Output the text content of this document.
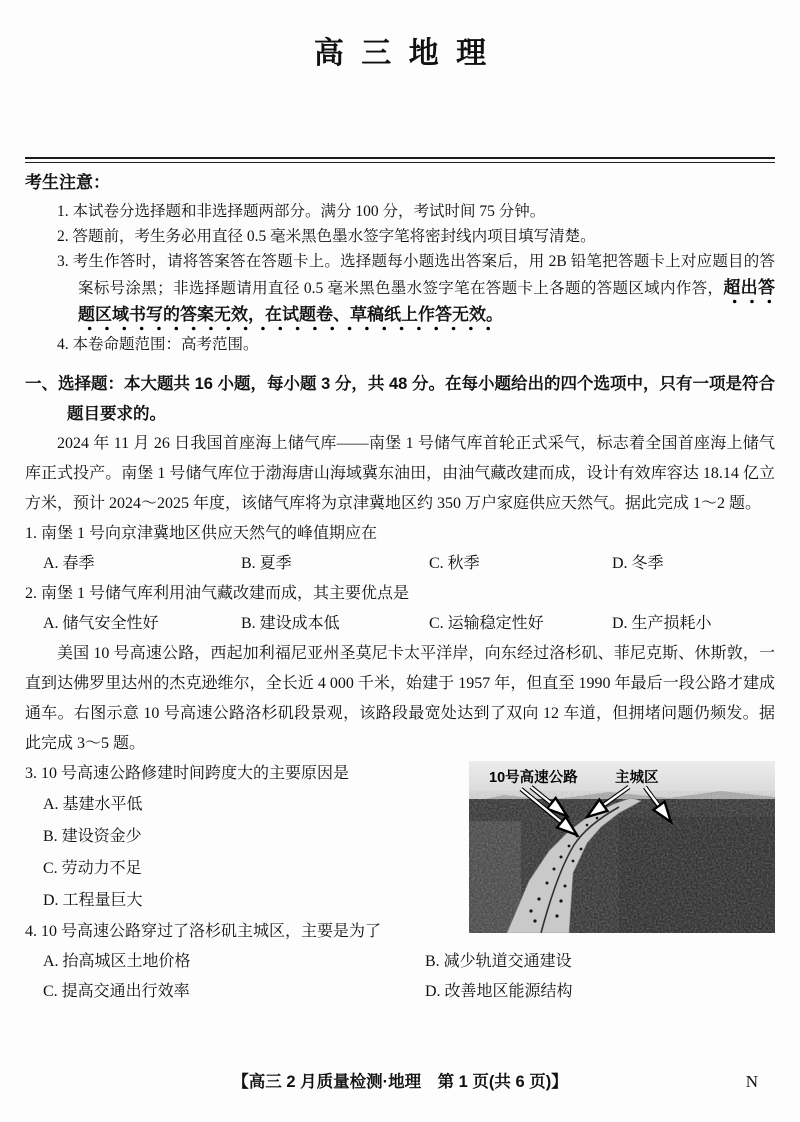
高三地理
考生注意：
1. 本试卷分选择题和非选择题两部分。满分 100 分，考试时间 75 分钟。
2. 答题前，考生务必用直径 0.5 毫米黑色墨水签字笔将密封线内项目填写清楚。
3. 考生作答时，请将答案答在答题卡上。选择题每小题选出答案后，用 2B 铅笔把答题卡上对应题目的答案标号涂黑；非选择题请用直径 0.5 毫米黑色墨水签字笔在答题卡上各题的答题区域内作答，超出答题区域书写的答案无效，在试题卷、草稿纸上作答无效。
4. 本卷命题范围：高考范围。
一、选择题：本大题共 16 小题，每小题 3 分，共 48 分。在每小题给出的四个选项中，只有一项是符合题目要求的。

2024 年 11 月 26 日我国首座海上储气库——南堡 1 号储气库首轮正式采气，标志着全国首座海上储气库正式投产。南堡 1 号储气库位于渤海唐山海域冀东油田，由油气藏改建而成，设计有效库容达 18.14 亿立方米，预计 2024～2025 年度，该储气库将为京津冀地区约 350 万户家庭供应天然气。据此完成 1～2 题。

1. 南堡 1 号向京津冀地区供应天然气的峰值期应在
A. 春季	B. 夏季	C. 秋季	D. 冬季
2. 南堡 1 号储气库利用油气藏改建而成，其主要优点是
A. 储气安全性好	B. 建设成本低	C. 运输稳定性好	D. 生产损耗小

美国 10 号高速公路，西起加利福尼亚州圣莫尼卡太平洋岸，向东经过洛杉矶、菲尼克斯、休斯敦，一直到达佛罗里达州的杰克逊维尔，全长近 4 000 千米，始建于 1957 年，但直至 1990 年最后一段公路才建成通车。右图示意 10 号高速公路洛杉矶段景观，该路段最宽处达到了双向 12 车道，但拥堵问题仍频发。据此完成 3～5 题。

10号高速公路	主城区
3. 10 号高速公路修建时间跨度大的主要原因是
A. 基建水平低
B. 建设资金少
C. 劳动力不足
D. 工程量巨大
4. 10 号高速公路穿过了洛杉矶主城区，主要是为了
A. 抬高城区土地价格	B. 减少轨道交通建设
C. 提高交通出行效率	D. 改善地区能源结构
【高三 2 月质量检测·地理　第 1 页(共 6 页)】	N
